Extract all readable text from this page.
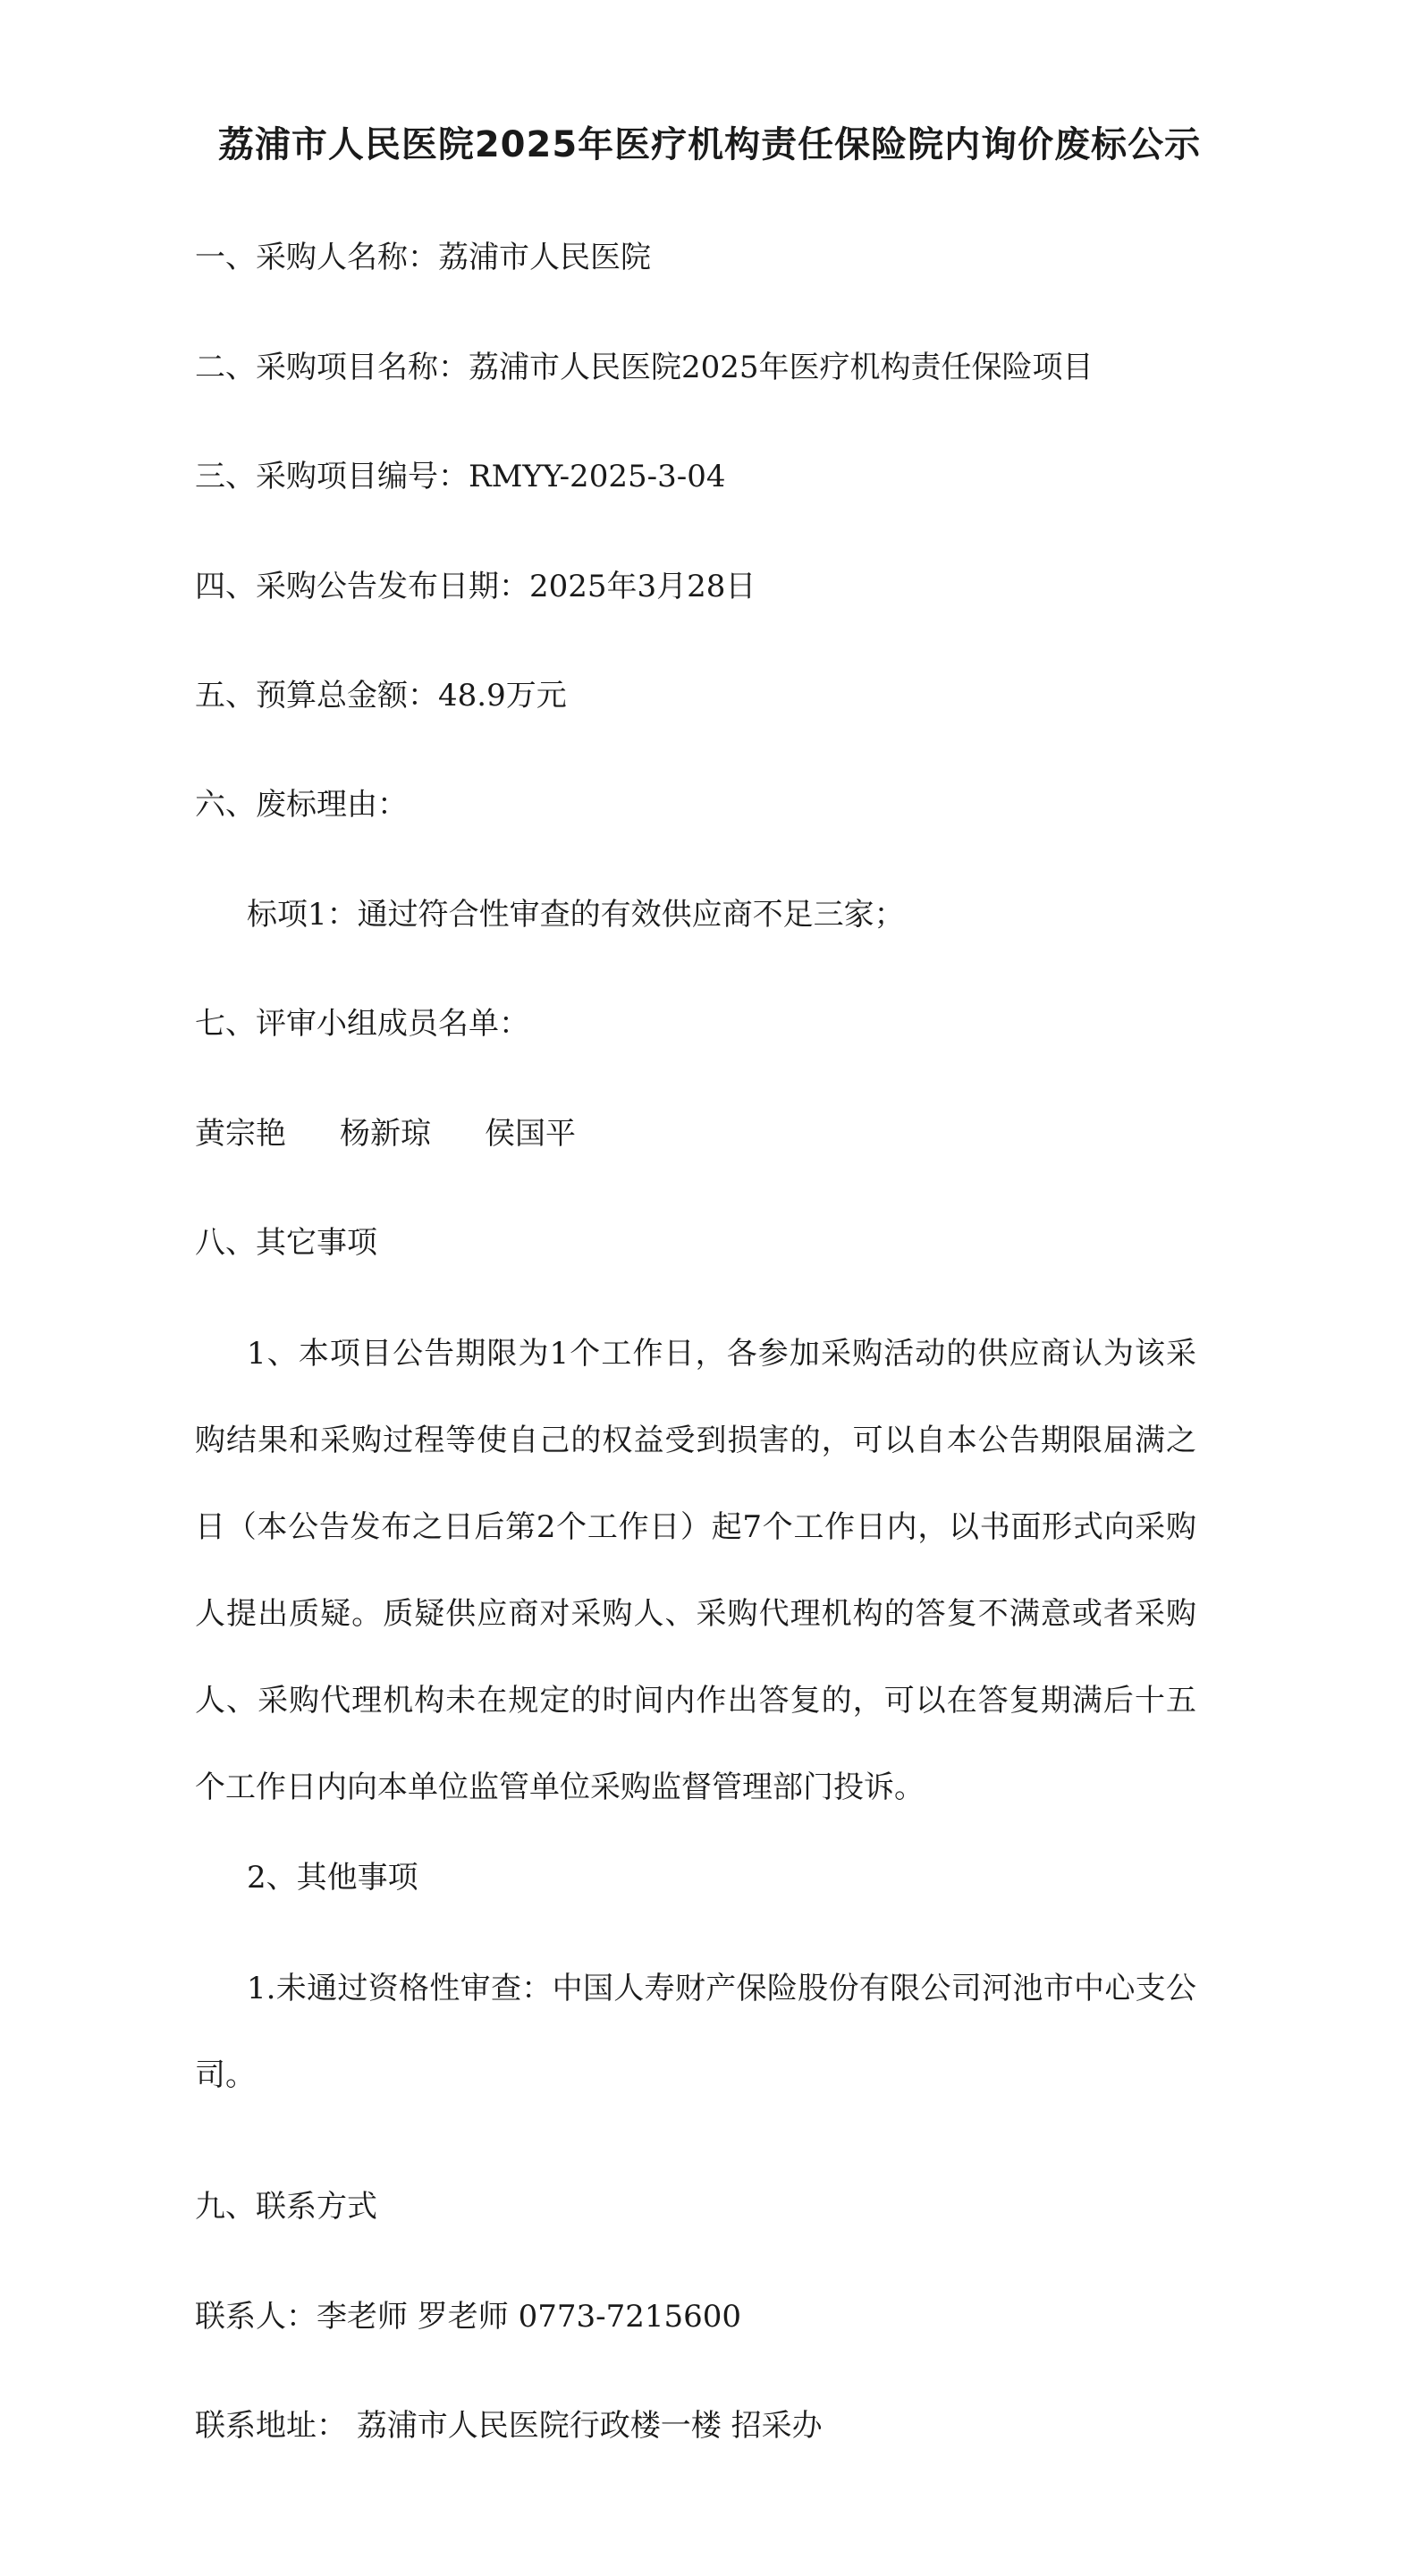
荔浦市人民医院2025年医疗机构责任保险院内询价废标公示
一、采购人名称：荔浦市人民医院
二、采购项目名称：荔浦市人民医院2025年医疗机构责任保险项目
三、采购项目编号：RMYY-2025-3-04
四、采购公告发布日期：2025年3月28日
五、预算总金额：48.9万元
六、废标理由：
标项1：通过符合性审查的有效供应商不足三家；
七、评审小组成员名单：
黄宗艳 杨新琼 侯国平
八、其它事项
1、本项目公告期限为1个工作日，各参加采购活动的供应商认为该采购结果和采购过程等使自己的权益受到损害的，可以自本公告期限届满之日（本公告发布之日后第2个工作日）起7个工作日内，以书面形式向采购人提出质疑。质疑供应商对采购人、采购代理机构的答复不满意或者采购人、采购代理机构未在规定的时间内作出答复的，可以在答复期满后十五个工作日内向本单位监管单位采购监督管理部门投诉。
2、其他事项
1.未通过资格性审查：中国人寿财产保险股份有限公司河池市中心支公司。
九、联系方式
联系人：李老师 罗老师 0773-7215600
联系地址： 荔浦市人民医院行政楼一楼 招采办
